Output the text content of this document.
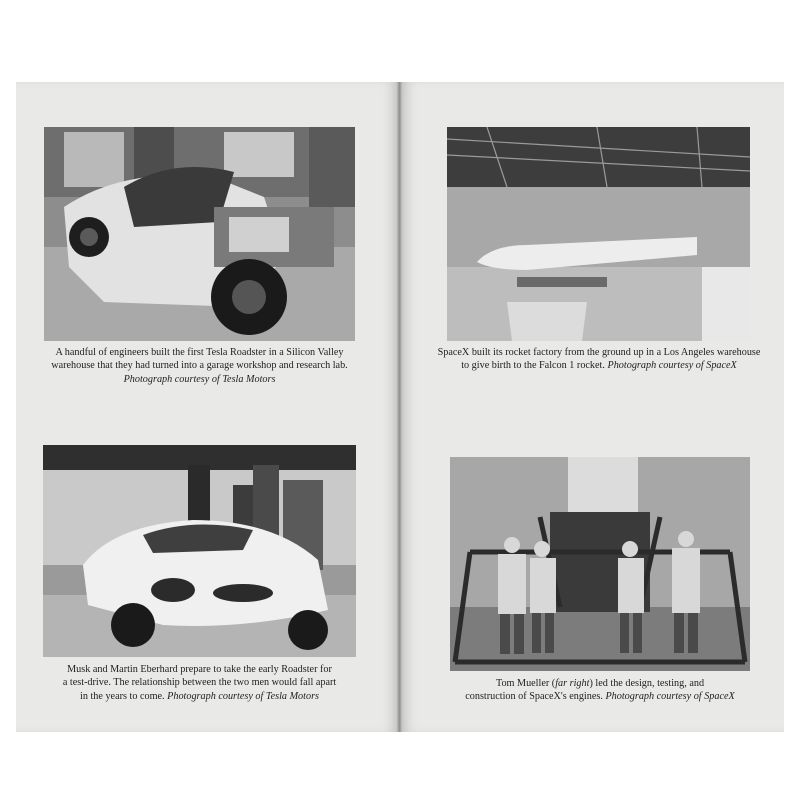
A handful of engineers built the first Tesla Roadster in a Silicon Valley
warehouse that they had turned into a garage workshop and research lab.
Photograph courtesy of Tesla Motors
SpaceX built its rocket factory from the ground up in a Los Angeles warehouse
to give birth to the Falcon 1 rocket. Photograph courtesy of SpaceX
Musk and Martin Eberhard prepare to take the early Roadster for
a test-drive. The relationship between the two men would fall apart
in the years to come. Photograph courtesy of Tesla Motors
Tom Mueller (far right) led the design, testing, and
construction of SpaceX's engines. Photograph courtesy of SpaceX
